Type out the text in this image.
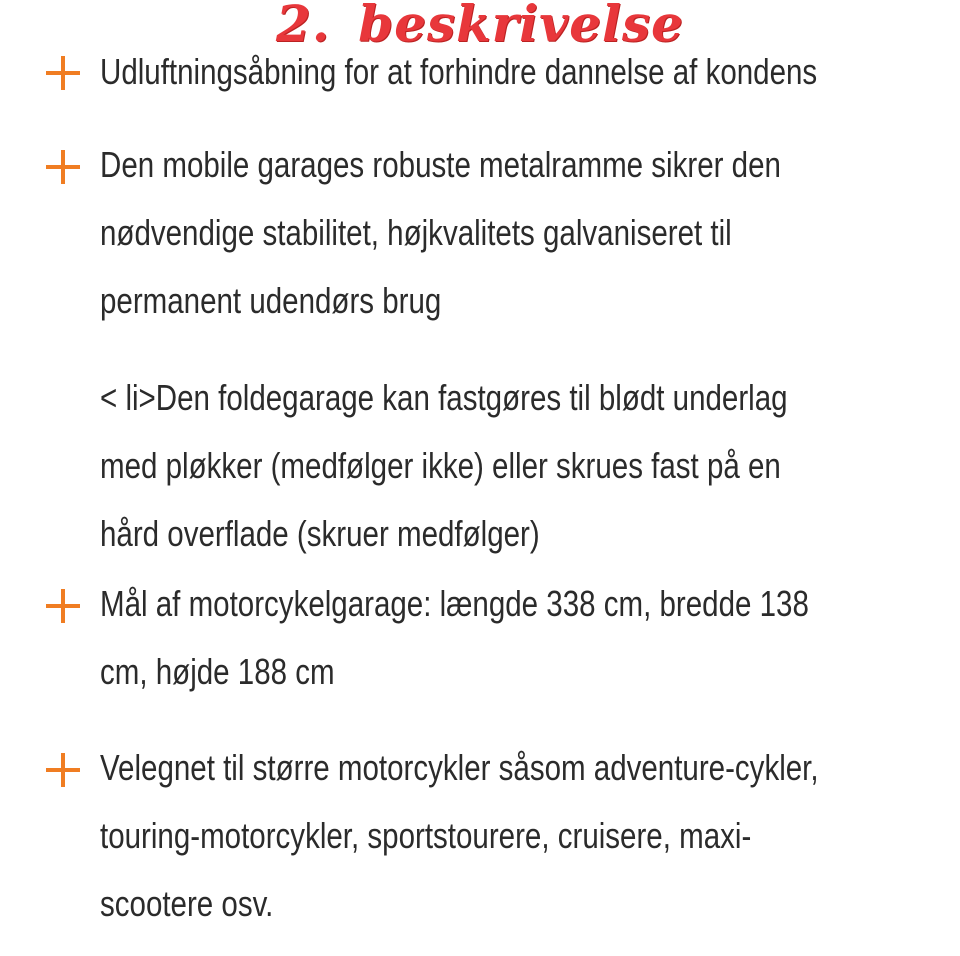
2. beskrivelse
Udluftningsåbning for at forhindre dannelse af kondens
Den mobile garages robuste metalramme sikrer den
nødvendige stabilitet, højkvalitets galvaniseret til
permanent udendørs brug
< li>Den foldegarage kan fastgøres til blødt underlag
med pløkker (medfølger ikke) eller skrues fast på en
hård overflade (skruer medfølger)
Mål af motorcykelgarage: længde 338 cm, bredde 138
cm, højde 188 cm
Velegnet til større motorcykler såsom adventure-cykler,
touring-motorcykler, sportstourere, cruisere, maxi-
scootere osv.
